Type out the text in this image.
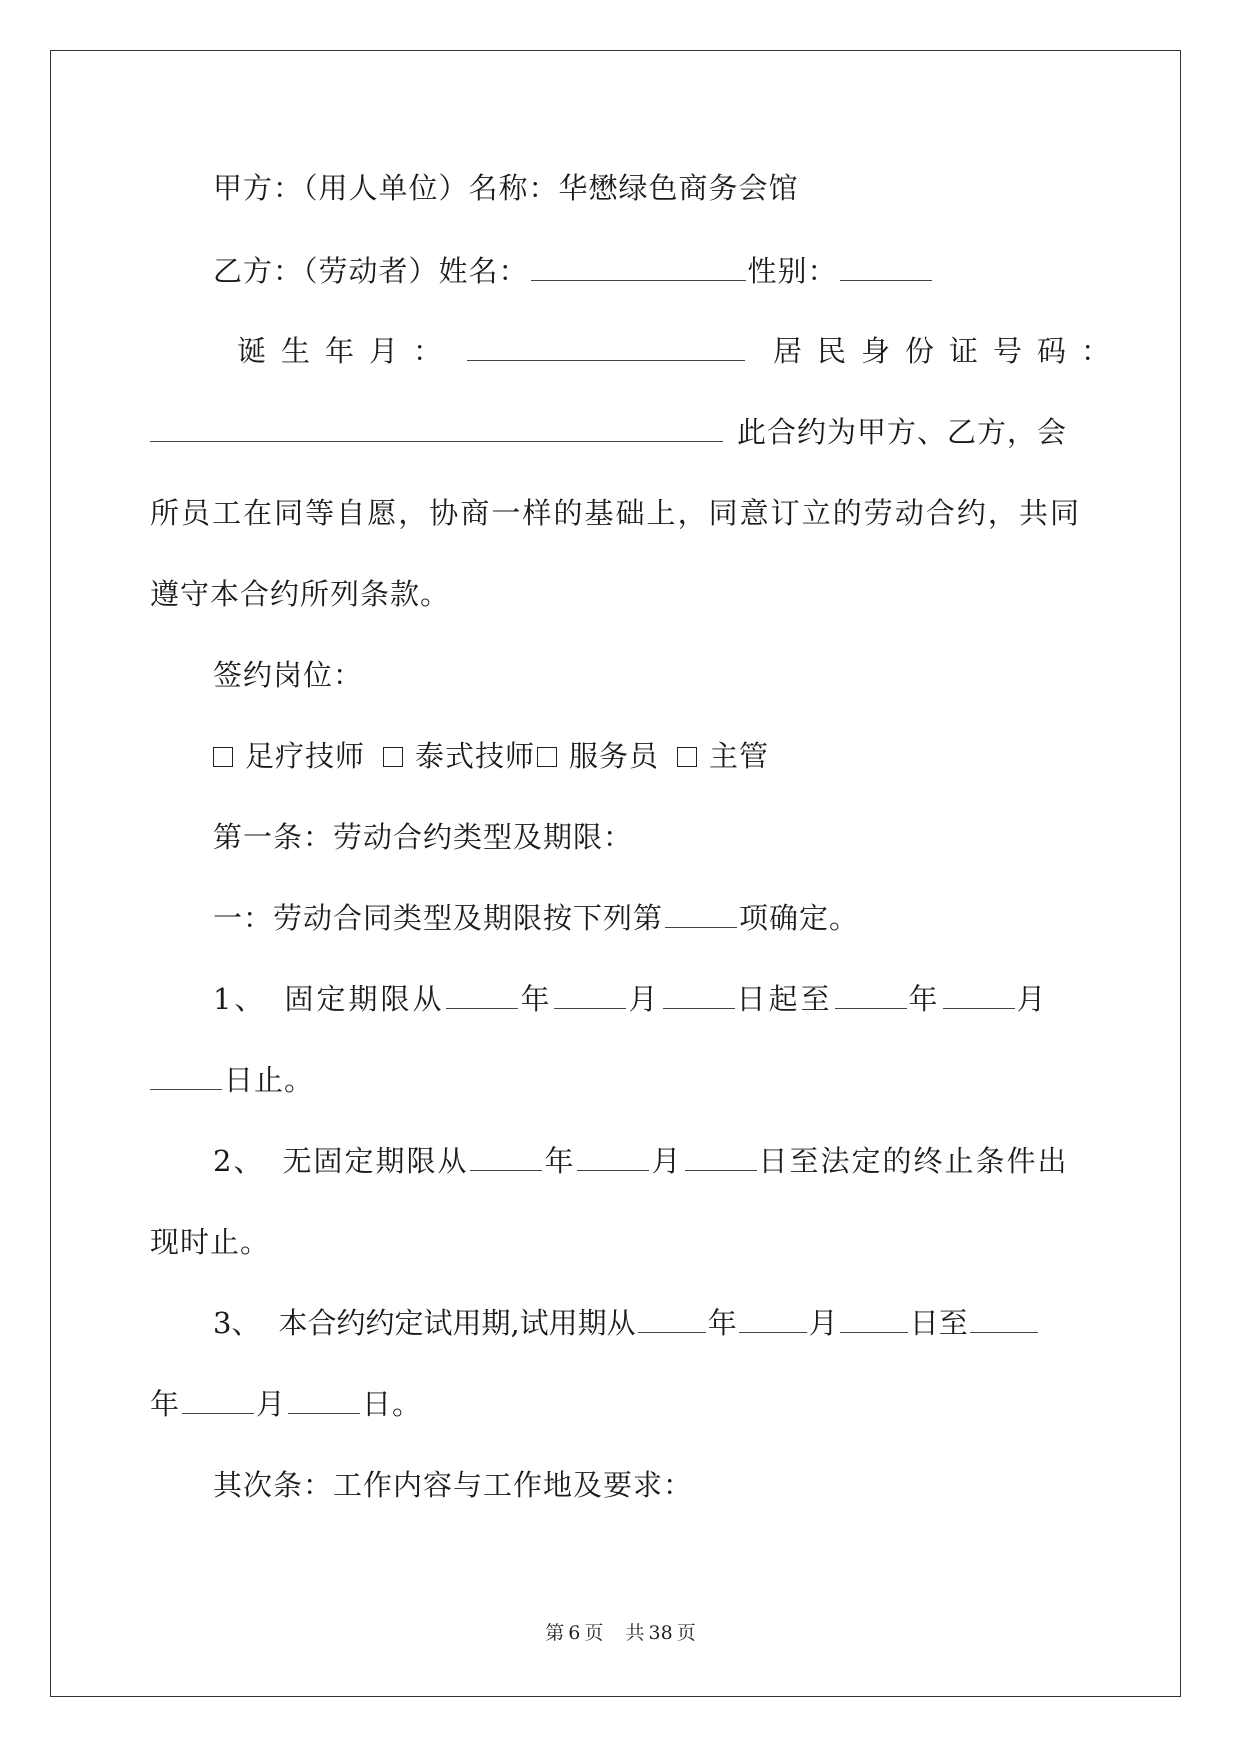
甲方：（用人单位）名称：华懋绿色商务会馆
乙方：（劳动者）姓名：	性别：
诞生年月：	居民身份证号码：
此合约为甲方、乙方，会
所员工在同等自愿，协商一样的基础上，同意订立的劳动合约，共同
遵守本合约所列条款。
签约岗位：
足疗技师 泰式技师 服务员 主管
第一条：劳动合约类型及期限：
一：劳动合同类型及期限按下列第	项确定。
1、 固定期限从	年	月	日起至	年	月
日止。
2、 无固定期限从	年	月	日至法定的终止条件出
现时止。
3、 本合约约定试用期,试用期从 年 月 日至
年	月	日。
其次条：工作内容与工作地及要求：
第 6 页 共 38 页
